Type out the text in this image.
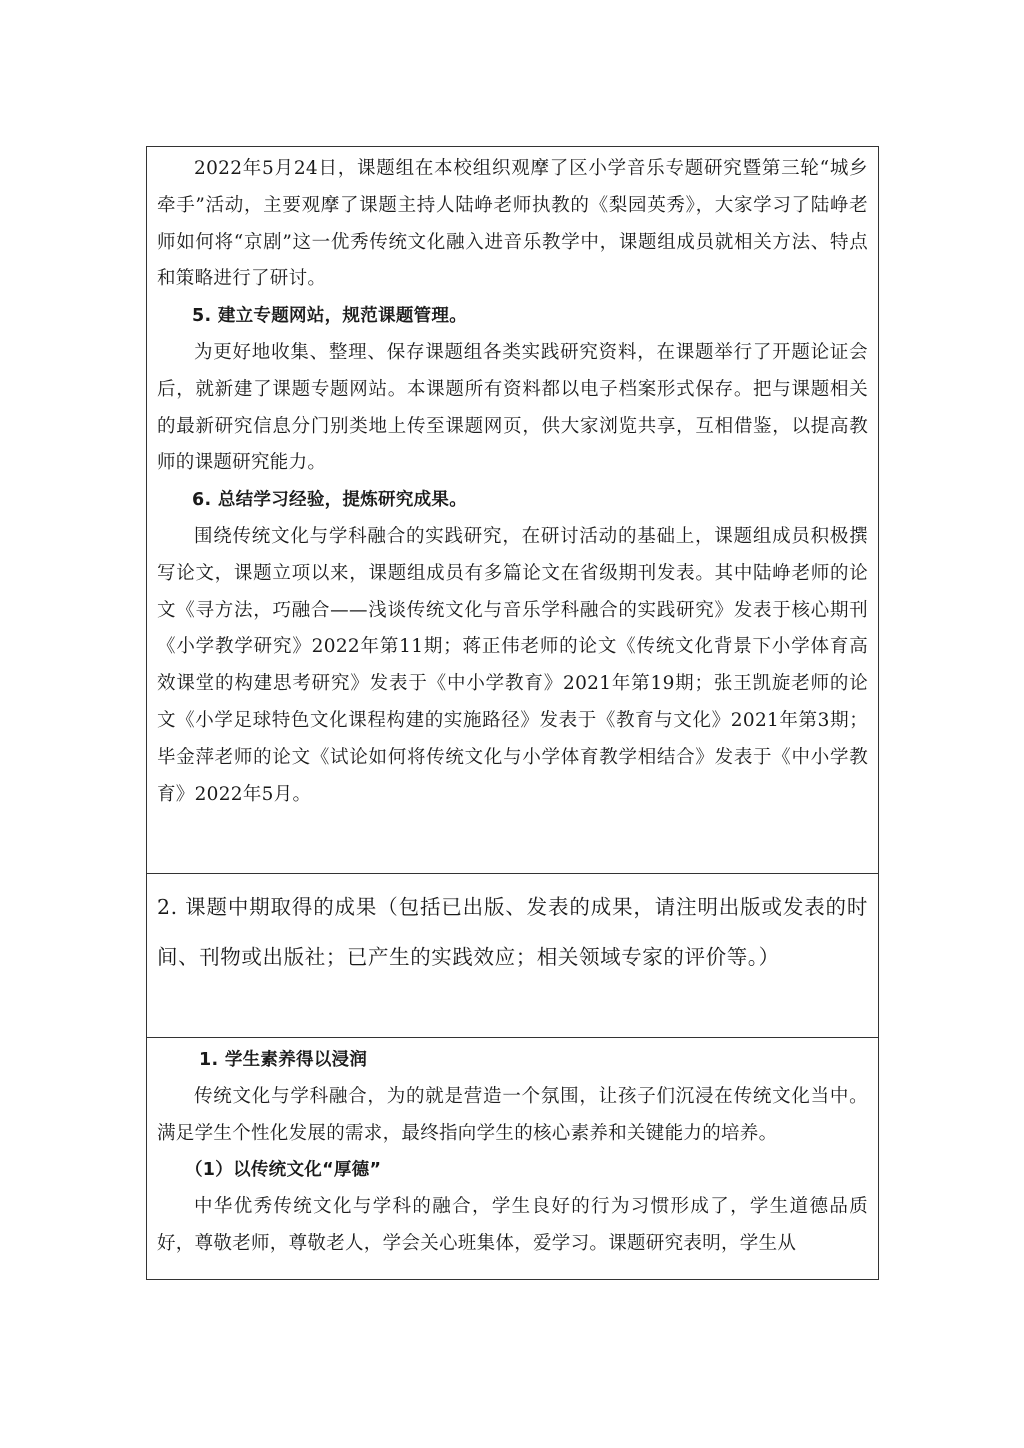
2022年5月24日，课题组在本校组织观摩了区小学音乐专题研究暨第三轮“城乡牵手”活动，主要观摩了课题主持人陆峥老师执教的《梨园英秀》，大家学习了陆峥老师如何将“京剧”这一优秀传统文化融入进音乐教学中，课题组成员就相关方法、特点和策略进行了研讨。

5. 建立专题网站，规范课题管理。

为更好地收集、整理、保存课题组各类实践研究资料，在课题举行了开题论证会后，就新建了课题专题网站。本课题所有资料都以电子档案形式保存。把与课题相关的最新研究信息分门别类地上传至课题网页，供大家浏览共享，互相借鉴，以提高教师的课题研究能力。

6. 总结学习经验，提炼研究成果。

围绕传统文化与学科融合的实践研究，在研讨活动的基础上，课题组成员积极撰写论文，课题立项以来，课题组成员有多篇论文在省级期刊发表。其中陆峥老师的论文《寻方法，巧融合——浅谈传统文化与音乐学科融合的实践研究》发表于核心期刊《小学教学研究》2022年第11期；蒋正伟老师的论文《传统文化背景下小学体育高效课堂的构建思考研究》发表于《中小学教育》2021年第19期；张王凯旋老师的论文《小学足球特色文化课程构建的实施路径》发表于《教育与文化》2021年第3期；毕金萍老师的论文《试论如何将传统文化与小学体育教学相结合》发表于《中小学教育》2022年5月。

2. 课题中期取得的成果（包括已出版、发表的成果，请注明出版或发表的时间、刊物或出版社；已产生的实践效应；相关领域专家的评价等。）

1. 学生素养得以浸润

传统文化与学科融合，为的就是营造一个氛围，让孩子们沉浸在传统文化当中。满足学生个性化发展的需求，最终指向学生的核心素养和关键能力的培养。

（1）以传统文化“厚德”

中华优秀传统文化与学科的融合，学生良好的行为习惯形成了，学生道德品质好，尊敬老师，尊敬老人，学会关心班集体，爱学习。课题研究表明，学生从
